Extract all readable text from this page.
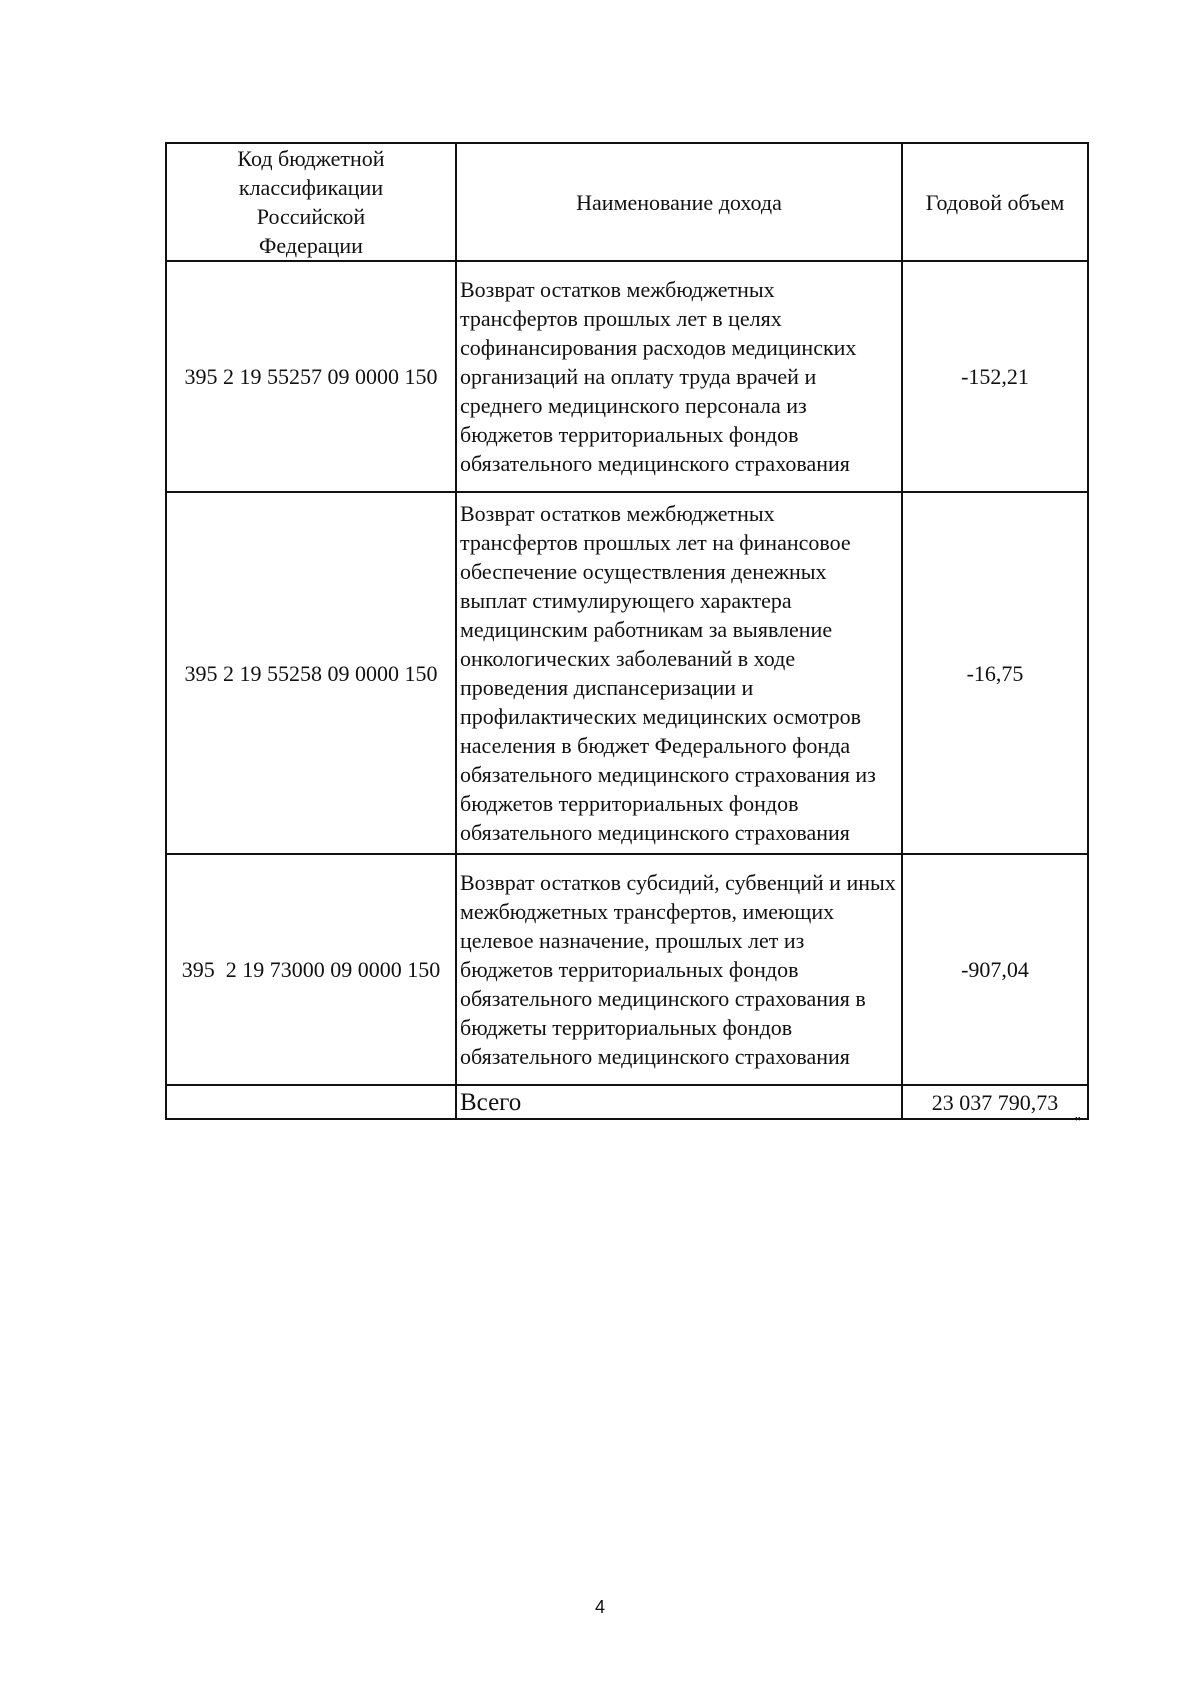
Код бюджетной
классификации
Российской
Федерации	Наименование дохода	Годовой объем
395 2 19 55257 09 0000 150	Возврат остатков межбюджетных трансфертов прошлых лет в целях софинансирования расходов медицинских организаций на оплату труда врачей и среднего медицинского персонала из бюджетов территориальных фондов обязательного медицинского страхования	-152,21
395 2 19 55258 09 0000 150	Возврат остатков межбюджетных трансфертов прошлых лет на финансовое обеспечение осуществления денежных выплат стимулирующего характера медицинским работникам за выявление онкологических заболеваний в ходе проведения диспансеризации и профилактических медицинских осмотров населения в бюджет Федерального фонда обязательного медицинского страхования из бюджетов территориальных фондов обязательного медицинского страхования	-16,75
395  2 19 73000 09 0000 150	Возврат остатков субсидий, субвенций и иных межбюджетных трансфертов, имеющих целевое назначение, прошлых лет из бюджетов территориальных фондов обязательного медицинского страхования в бюджеты территориальных фондов обязательного медицинского страхования	-907,04
	Всего	23 037 790,73
"
4
